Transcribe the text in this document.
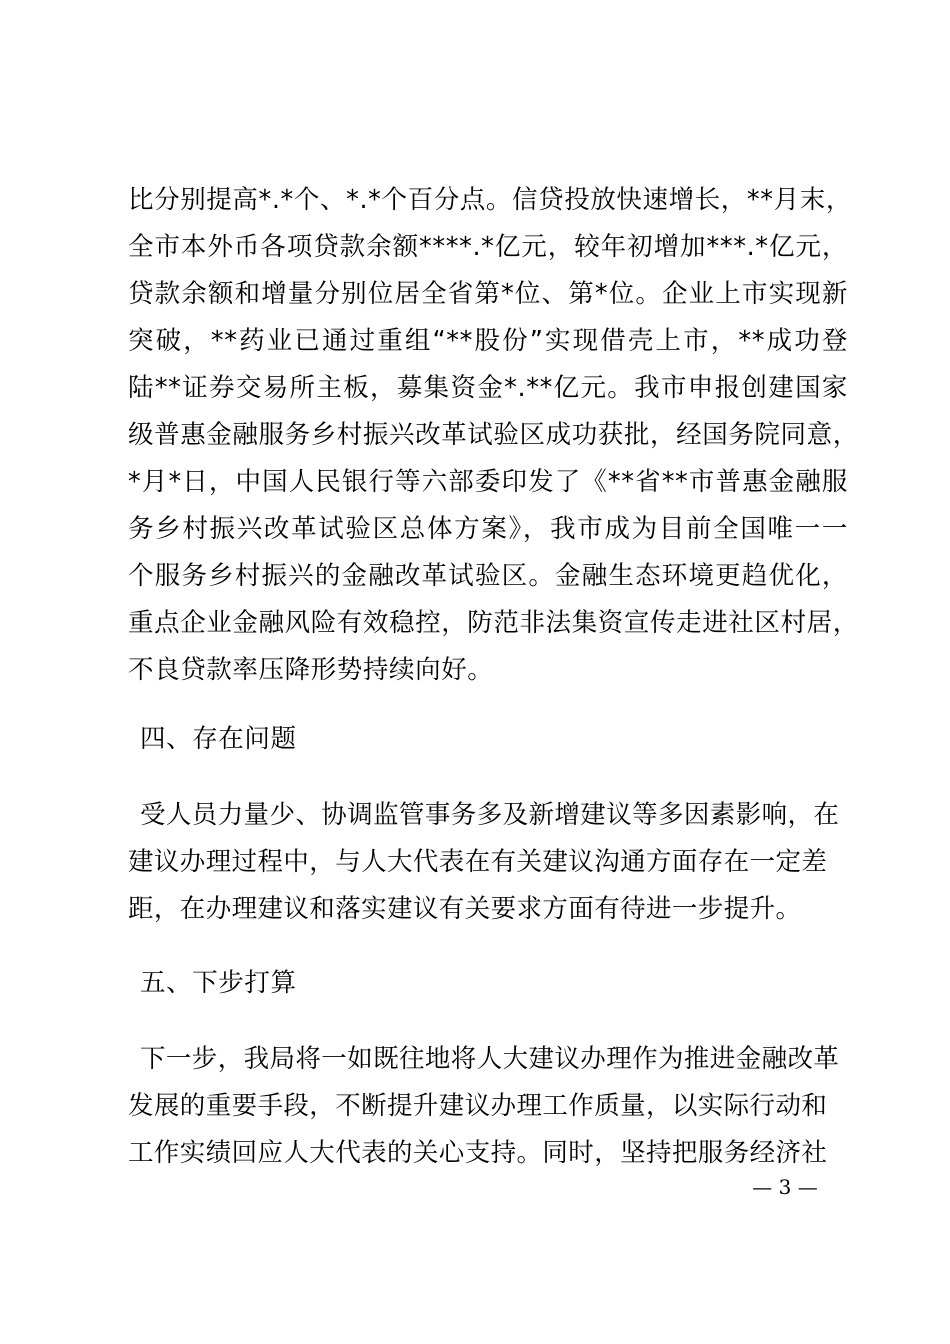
比分别提高*.*个、*.*个百分点。信贷投放快速增长，**月末，
全市本外币各项贷款余额****.*亿元，较年初增加***.*亿元，
贷款余额和增量分别位居全省第*位、第*位。企业上市实现新
突破，**药业已通过重组“**股份”实现借壳上市，**成功登
陆**证券交易所主板，募集资金*.**亿元。我市申报创建国家
级普惠金融服务乡村振兴改革试验区成功获批，经国务院同意，
*月*日，中国人民银行等六部委印发了《**省**市普惠金融服
务乡村振兴改革试验区总体方案》，我市成为目前全国唯一一
个服务乡村振兴的金融改革试验区。金融生态环境更趋优化，
重点企业金融风险有效稳控，防范非法集资宣传走进社区村居，
不良贷款率压降形势持续向好。
四、存在问题
受人员力量少、协调监管事务多及新增建议等多因素影响，在
建议办理过程中，与人大代表在有关建议沟通方面存在一定差
距，在办理建议和落实建议有关要求方面有待进一步提升。
五、下步打算
下一步，我局将一如既往地将人大建议办理作为推进金融改革
发展的重要手段，不断提升建议办理工作质量，以实际行动和
工作实绩回应人大代表的关心支持。同时，坚持把服务经济社
— 3 —
